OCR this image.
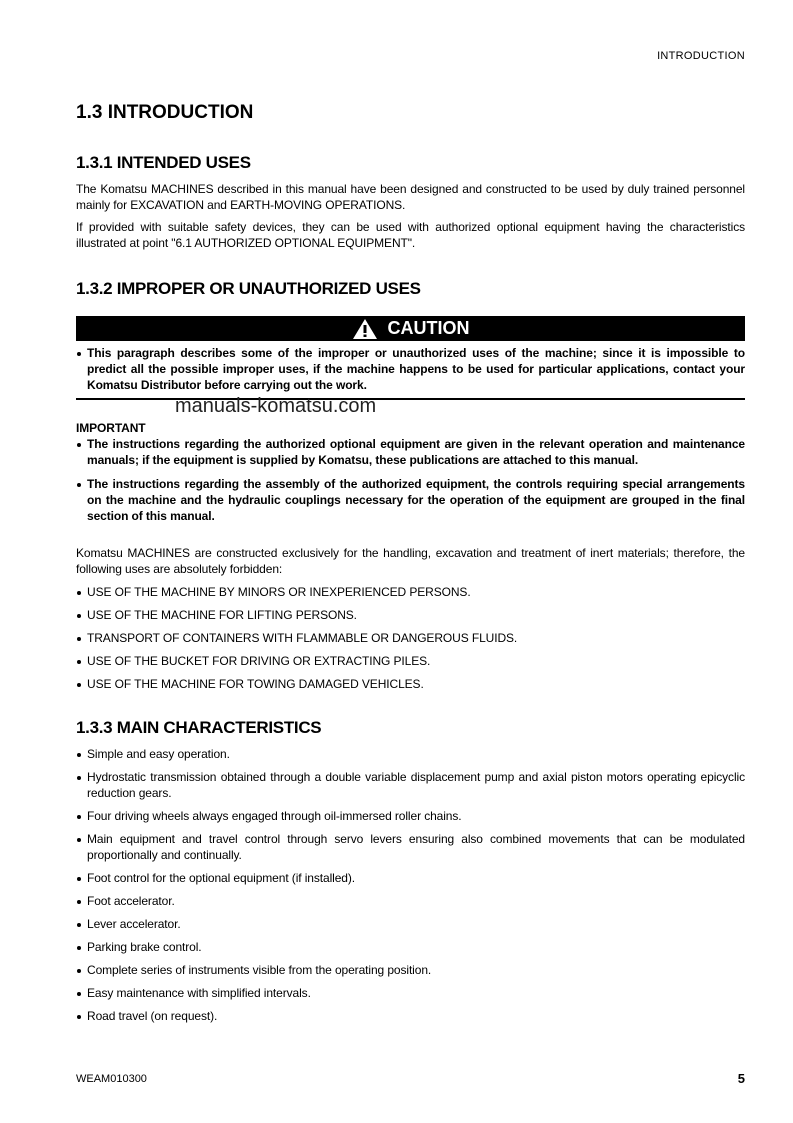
INTRODUCTION
1.3 INTRODUCTION
1.3.1 INTENDED USES
The Komatsu MACHINES described in this manual have been designed and constructed to be used by duly trained personnel mainly for EXCAVATION and EARTH-MOVING OPERATIONS.
If provided with suitable safety devices, they can be used with authorized optional equipment having the characteristics illustrated at point "6.1 AUTHORIZED OPTIONAL EQUIPMENT".
1.3.2 IMPROPER OR UNAUTHORIZED USES
CAUTION
This paragraph describes some of the improper or unauthorized uses of the machine; since it is impossible to predict all the possible improper uses, if the machine happens to be used for particular applications, contact your Komatsu Distributor before carrying out the work.
manuals-komatsu.com
IMPORTANT
The instructions regarding the authorized optional equipment are given in the relevant operation and maintenance manuals; if the equipment is supplied by Komatsu, these publications are attached to this manual.
The instructions regarding the assembly of the authorized equipment, the controls requiring special arrangements on the machine and the hydraulic couplings necessary for the operation of the equipment are grouped in the final section of this manual.
Komatsu MACHINES are constructed exclusively for the handling, excavation and treatment of inert materials; therefore, the following uses are absolutely forbidden:
USE OF THE MACHINE BY MINORS OR INEXPERIENCED PERSONS.
USE OF THE MACHINE FOR LIFTING PERSONS.
TRANSPORT OF CONTAINERS WITH FLAMMABLE OR DANGEROUS FLUIDS.
USE OF THE BUCKET FOR DRIVING OR EXTRACTING PILES.
USE OF THE MACHINE FOR TOWING DAMAGED VEHICLES.
1.3.3 MAIN CHARACTERISTICS
Simple and easy operation.
Hydrostatic transmission obtained through a double variable displacement pump and axial piston motors operating epicyclic reduction gears.
Four driving wheels always engaged through oil-immersed roller chains.
Main equipment and travel control through servo levers ensuring also combined movements that can be modulated proportionally and continually.
Foot control for the optional equipment (if installed).
Foot accelerator.
Lever accelerator.
Parking brake control.
Complete series of instruments visible from the operating position.
Easy maintenance with simplified intervals.
Road travel (on request).
WEAM010300	5
